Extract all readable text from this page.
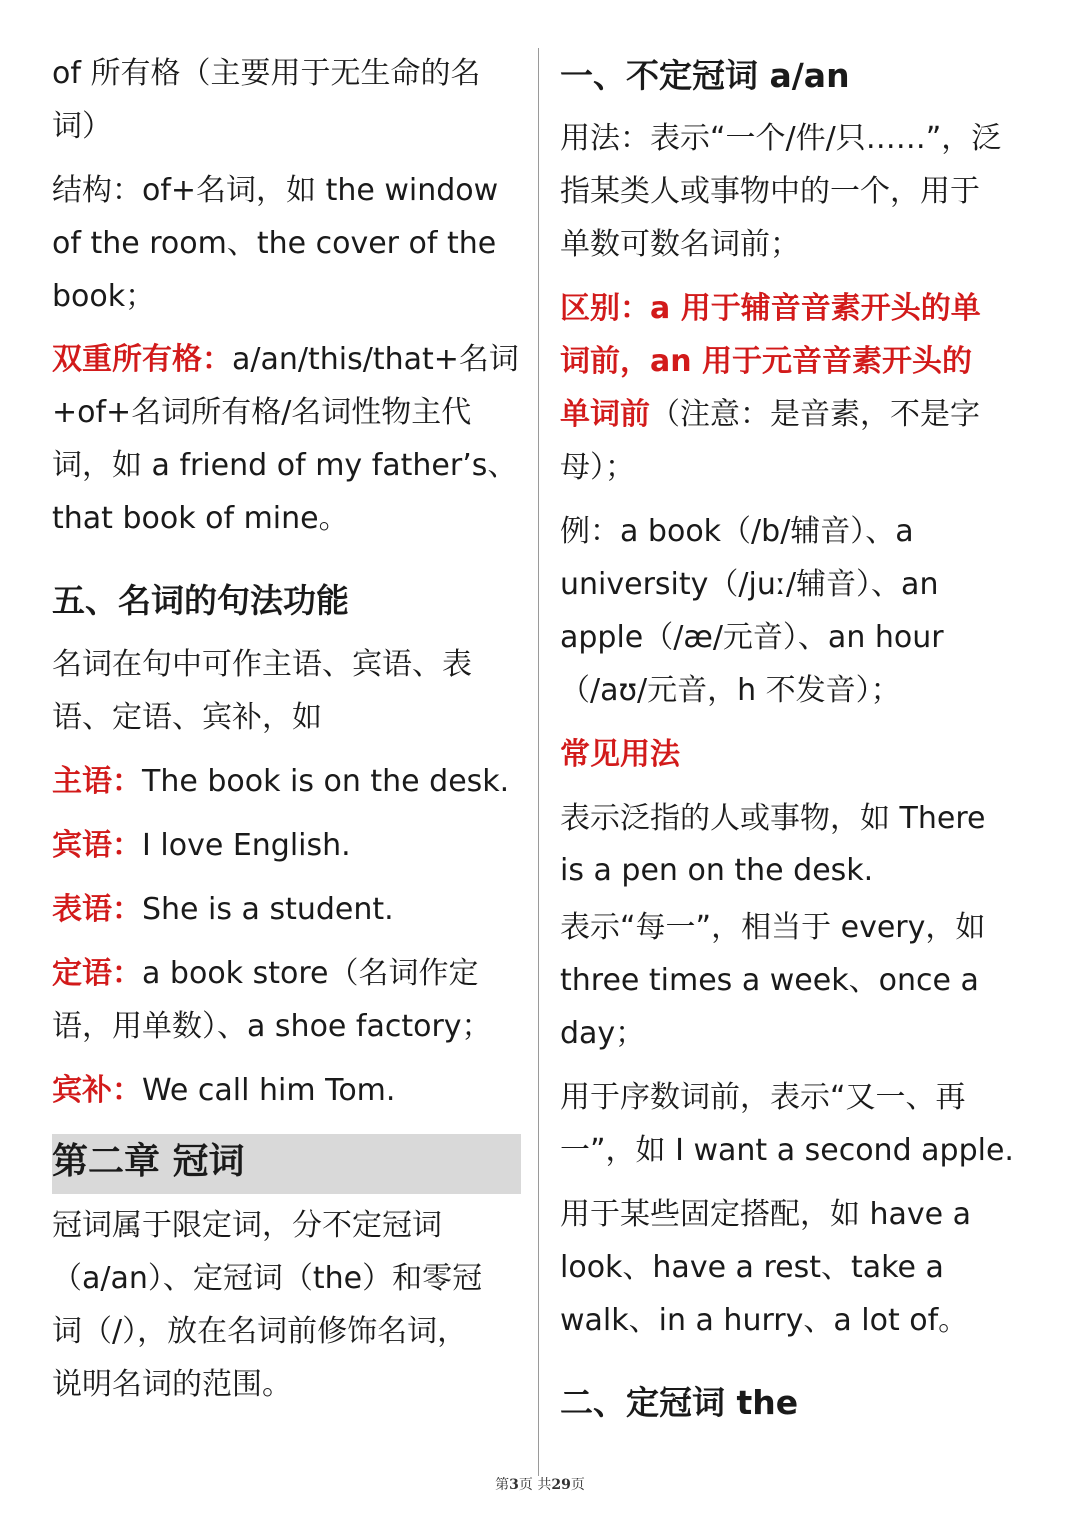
of 所有格（主要用于无生命的名
词）
结构：of+名词，如 the window
of the room、the cover of the
book；
双重所有格：a/an/this/that+名词
+of+名词所有格/名词性物主代
词，如 a friend of my father’s、
that book of mine。
五、名词的句法功能
名词在句中可作主语、宾语、表
语、定语、宾补，如
主语：The book is on the desk.
宾语：I love English.
表语：She is a student.
定语：a book store（名词作定
语，用单数）、a shoe factory；
宾补：We call him Tom.
第二章 冠词
冠词属于限定词，分不定冠词
（a/an）、定冠词（the）和零冠
词（/），放在名词前修饰名词，
说明名词的范围。
一、不定冠词 a/an
用法：表示“一个/件/只……”，泛
指某类人或事物中的一个，用于
单数可数名词前；
区别：a 用于辅音音素开头的单
词前，an 用于元音音素开头的
单词前（注意：是音素，不是字
母）；
例：a book（/b/辅音）、a
university（/juː/辅音）、an
apple（/æ/元音）、an hour
（/aʊ/元音，h 不发音）；
常见用法
表示泛指的人或事物，如 There
is a pen on the desk.
表示“每一”，相当于 every，如
three times a week、once a
day；
用于序数词前，表示“又一、再
一”，如 I want a second apple.
用于某些固定搭配，如 have a
look、have a rest、take a
walk、in a hurry、a lot of。
二、定冠词 the
第3页 共29页
